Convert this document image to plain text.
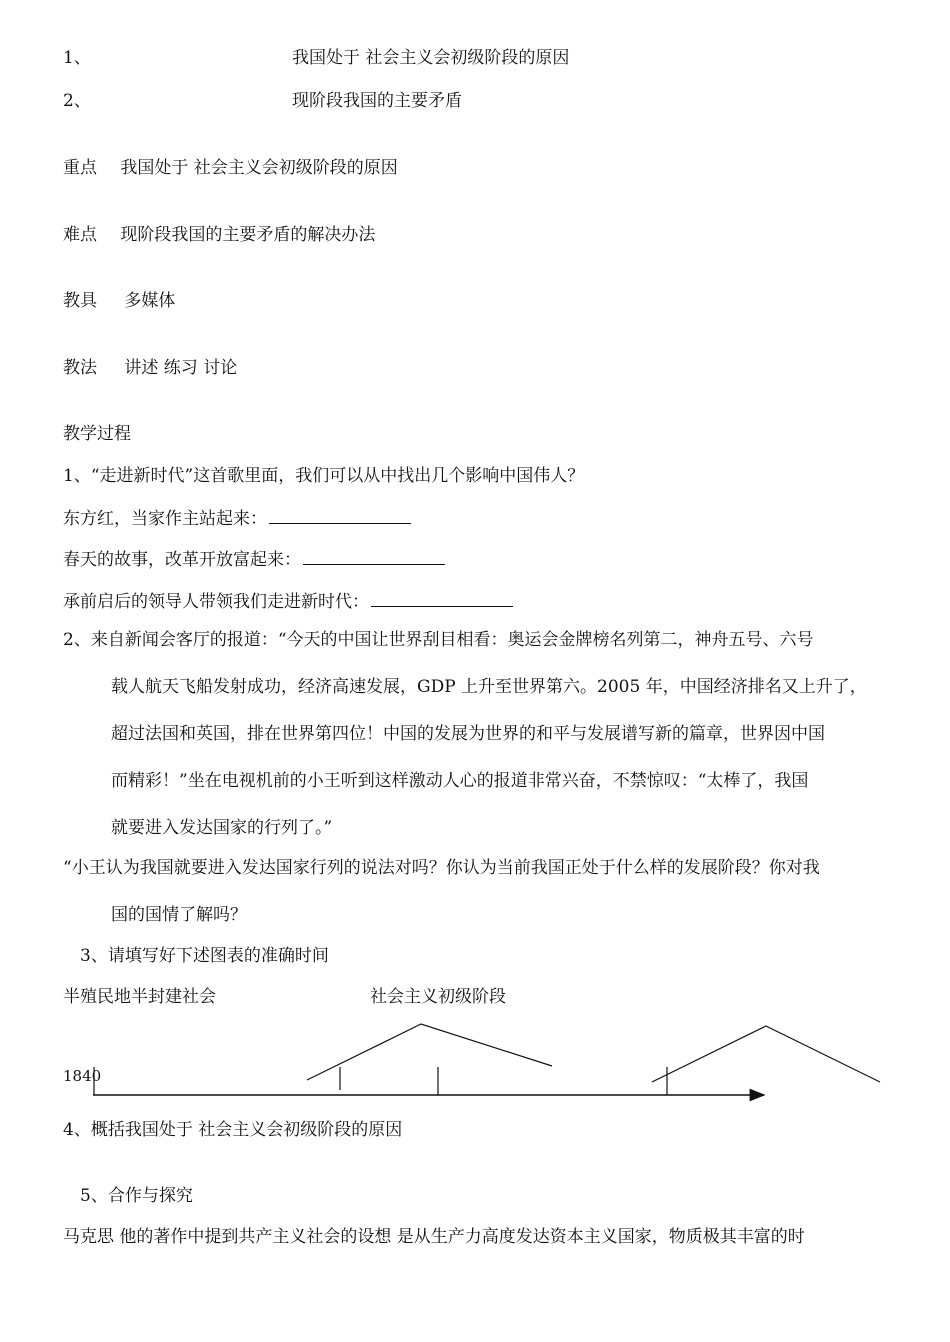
1、	我国处于 社会主义会初级阶段的原因
2、	现阶段我国的主要矛盾
重点 我国处于 社会主义会初级阶段的原因
难点 现阶段我国的主要矛盾的解决办法
教具 多媒体
教法 讲述 练习 讨论
教学过程
1、“走进新时代”这首歌里面，我们可以从中找出几个影响中国伟人？
东方红，当家作主站起来：
春天的故事，改革开放富起来：
承前启后的领导人带领我们走进新时代：
2、来自新闻会客厅的报道：“今天的中国让世界刮目相看：奥运会金牌榜名列第二，神舟五号、六号
载人航天飞船发射成功，经济高速发展，GDP 上升至世界第六。2005 年，中国经济排名又上升了，
超过法国和英国，排在世界第四位！中国的发展为世界的和平与发展谱写新的篇章，世界因中国
而精彩！”坐在电视机前的小王听到这样激动人心的报道非常兴奋，不禁惊叹：“太棒了，我国
就要进入发达国家的行列了。”
“小王认为我国就要进入发达国家行列的说法对吗？你认为当前我国正处于什么样的发展阶段？你对我
国的国情了解吗？
3、请填写好下述图表的准确时间
半殖民地半封建社会	社会主义初级阶段
1840
4、概括我国处于 社会主义会初级阶段的原因
5、合作与探究
马克思 他的著作中提到共产主义社会的设想 是从生产力高度发达资本主义国家，物质极其丰富的时
